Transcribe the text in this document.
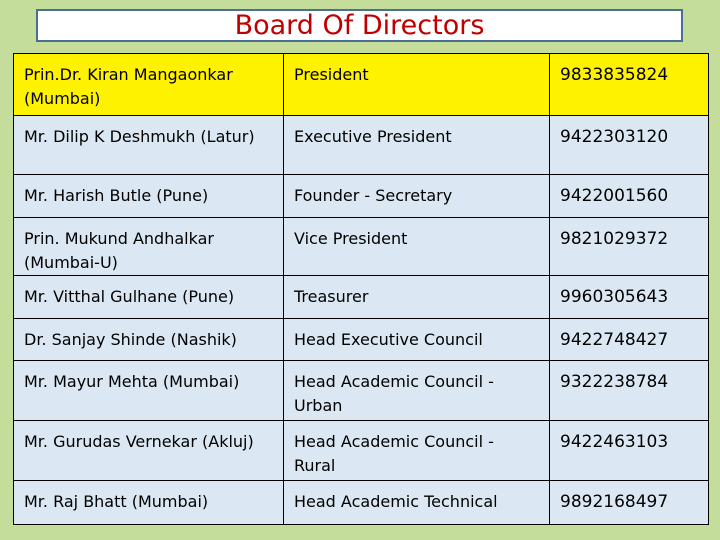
Board Of Directors
Prin.Dr. Kiran Mangaonkar (Mumbai)	President	9833835824
Mr. Dilip K Deshmukh (Latur)	Executive President	9422303120
Mr. Harish Butle (Pune)	Founder - Secretary	9422001560
Prin. Mukund Andhalkar (Mumbai-U)	Vice President	9821029372
Mr. Vitthal Gulhane (Pune)	Treasurer	9960305643
Dr. Sanjay Shinde (Nashik)	Head Executive Council	9422748427
Mr. Mayur Mehta (Mumbai)	Head Academic Council - Urban	9322238784
Mr. Gurudas Vernekar (Akluj)	Head Academic Council - Rural	9422463103
Mr. Raj Bhatt (Mumbai)	Head Academic Technical	9892168497
